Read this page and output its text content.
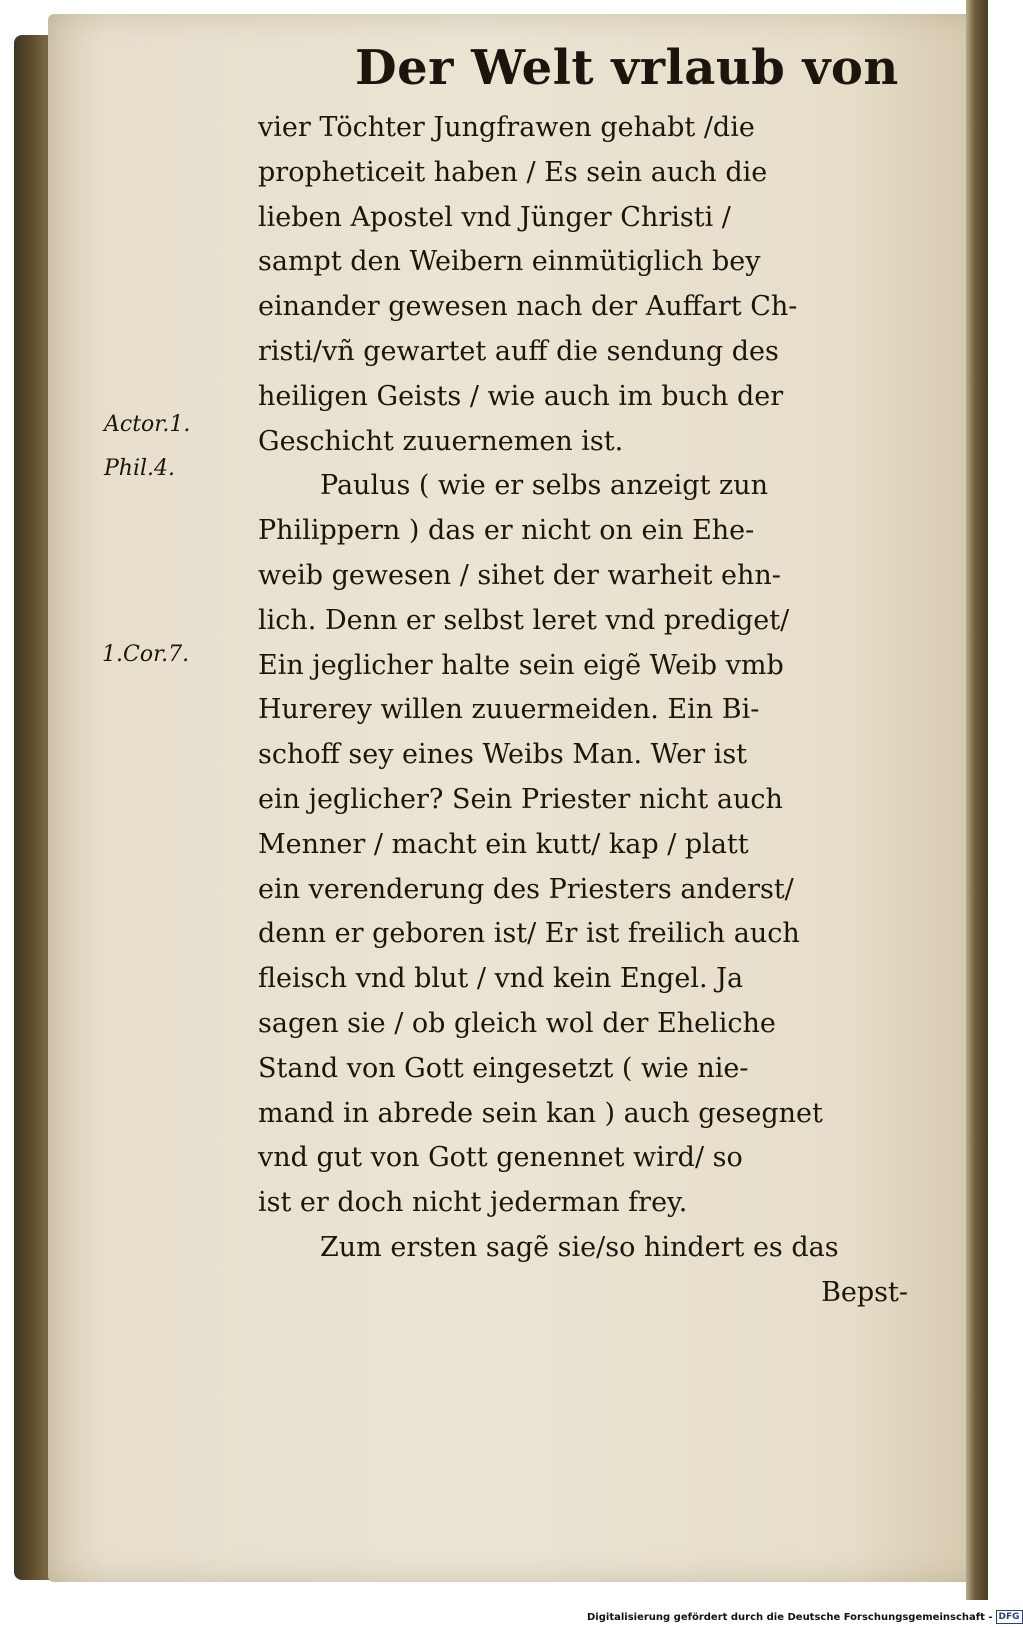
Der Welt vrlaub von
vier Töchter Jungfrawen gehabt /die
propheticeit haben / Es sein auch die
lieben Apostel vnd Jünger Christi /
sampt den Weibern einmütiglich bey
einander gewesen nach der Auffart Ch-
risti/vñ gewartet auff die sendung des
heiligen Geists / wie auch im buch der
Geschicht zuuernemen ist.
Paulus ( wie er selbs anzeigt zun
Philippern ) das er nicht on ein Ehe-
weib gewesen / sihet der warheit ehn-
lich. Denn er selbst leret vnd prediget/
Ein jeglicher halte sein eigẽ Weib vmb
Hurerey willen zuuermeiden. Ein Bi-
schoff sey eines Weibs Man. Wer ist
ein jeglicher? Sein Priester nicht auch
Menner / macht ein kutt/ kap / platt
ein verenderung des Priesters anderst/
denn er geboren ist/ Er ist freilich auch
fleisch vnd blut / vnd kein Engel. Ja
sagen sie / ob gleich wol der Eheliche
Stand von Gott eingesetzt ( wie nie-
mand in abrede sein kan ) auch gesegnet
vnd gut von Gott genennet wird/ so
ist er doch nicht jederman frey.
Zum ersten sagẽ sie/so hindert es das
Bepst-
Actor.1.
Phil.4.
1.Cor.7.
Digitalisierung gefördert durch die Deutsche Forschungsgemeinschaft - DFG
